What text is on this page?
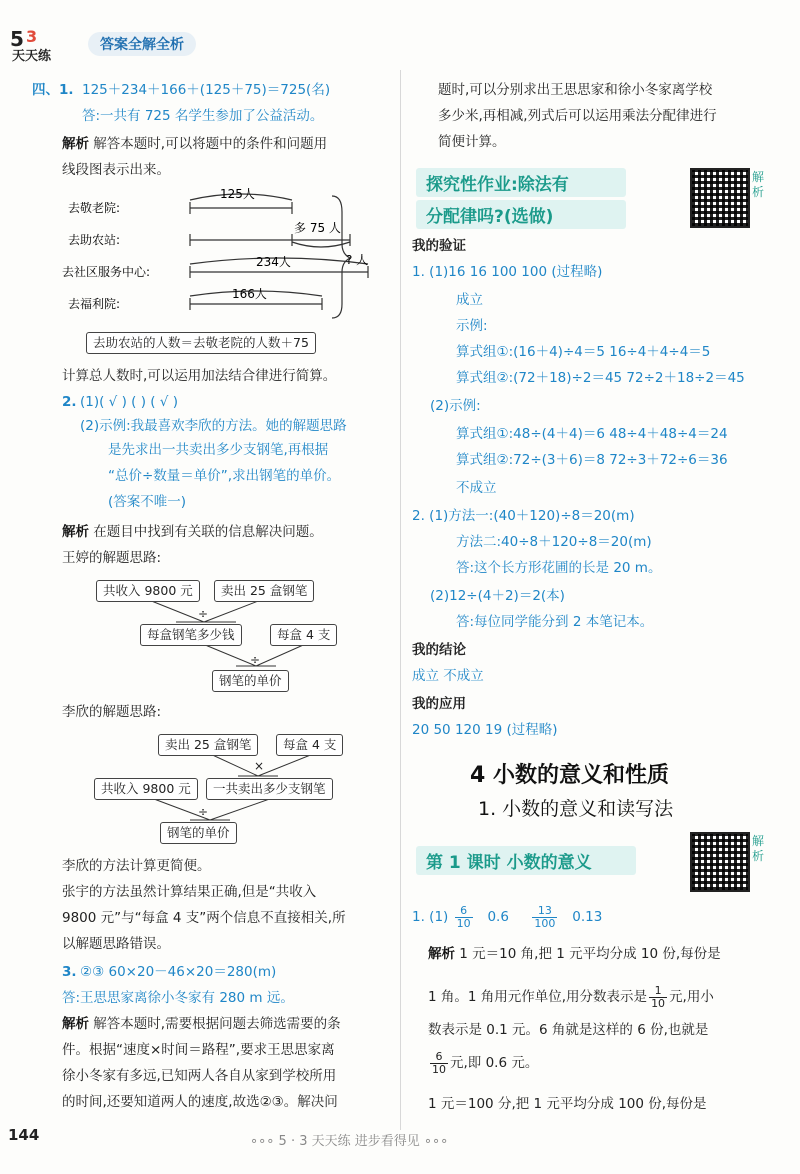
5 3
天天练
答案全解全析
四、1. 125＋234＋166＋(125＋75)＝725(名)
答:一共有 725 名学生参加了公益活动。
解析 解答本题时,可以将题中的条件和问题用
线段图表示出来。
去敬老院:
去助农站:
去社区服务中心:
去福利院:
125人
多 75 人
234人
166人
? 人
去助农站的人数＝去敬老院的人数＋75
计算总人数时,可以运用加法结合律进行简算。
2. (1)( √ ) ( ) ( √ )
(2)示例:我最喜欢李欣的方法。她的解题思路
是先求出一共卖出多少支钢笔,再根据
“总价÷数量＝单价”,求出钢笔的单价。
(答案不唯一)
解析 在题目中找到有关联的信息解决问题。
王婷的解题思路:
共收入 9800 元	卖出 25 盒钢笔
÷
每盒钢笔多少钱	每盒 4 支
÷
钢笔的单价
李欣的解题思路:
卖出 25 盒钢笔	每盒 4 支
×
共收入 9800 元	一共卖出多少支钢笔
÷
钢笔的单价
李欣的方法计算更简便。
张宇的方法虽然计算结果正确,但是“共收入
9800 元”与“每盒 4 支”两个信息不直接相关,所
以解题思路错误。
3. ②③ 60×20－46×20＝280(m)
答:王思思家离徐小冬家有 280 m 远。
解析 解答本题时,需要根据问题去筛选需要的条
件。根据“速度×时间＝路程”,要求王思思家离
徐小冬家有多远,已知两人各自从家到学校所用
的时间,还要知道两人的速度,故选②③。解决问
题时,可以分别求出王思思家和徐小冬家离学校
多少米,再相减,列式后可以运用乘法分配律进行
简便计算。
探究性作业:除法有
分配律吗?(选做)
解析
我的验证
1. (1)16 16 100 100 (过程略)
成立
示例:
算式组①:(16＋4)÷4＝5 16÷4＋4÷4＝5
算式组②:(72＋18)÷2＝45 72÷2＋18÷2＝45
(2)示例:
算式组①:48÷(4＋4)＝6 48÷4＋48÷4＝24
算式组②:72÷(3＋6)＝8 72÷3＋72÷6＝36
不成立
2. (1)方法一:(40＋120)÷8＝20(m)
方法二:40÷8＋120÷8＝20(m)
答:这个长方形花圃的长是 20 m。
(2)12÷(4＋2)＝2(本)
答:每位同学能分到 2 本笔记本。
我的结论
成立 不成立
我的应用
20 50 120 19 (过程略)
4 小数的意义和性质
1. 小数的意义和读写法
第 1 课时 小数的意义
解析
1. $(1) \frac{6}{10} 0.6 \frac{13}{100} 0.13$
解析 1 元＝10 角,把 1 元平均分成 10 份,每份是
1 角。1 角用元作单位,用分数表示是 $\frac{1}{10}$ 元,用小
数表示是 0.1 元。6 角就是这样的 6 份,也就是
$\frac{6}{10}$ 元,即 0.6 元。
1 元＝100 分,把 1 元平均分成 100 份,每份是
144	∘∘∘ 5 · 3 天天练 进步看得见 ∘∘∘
